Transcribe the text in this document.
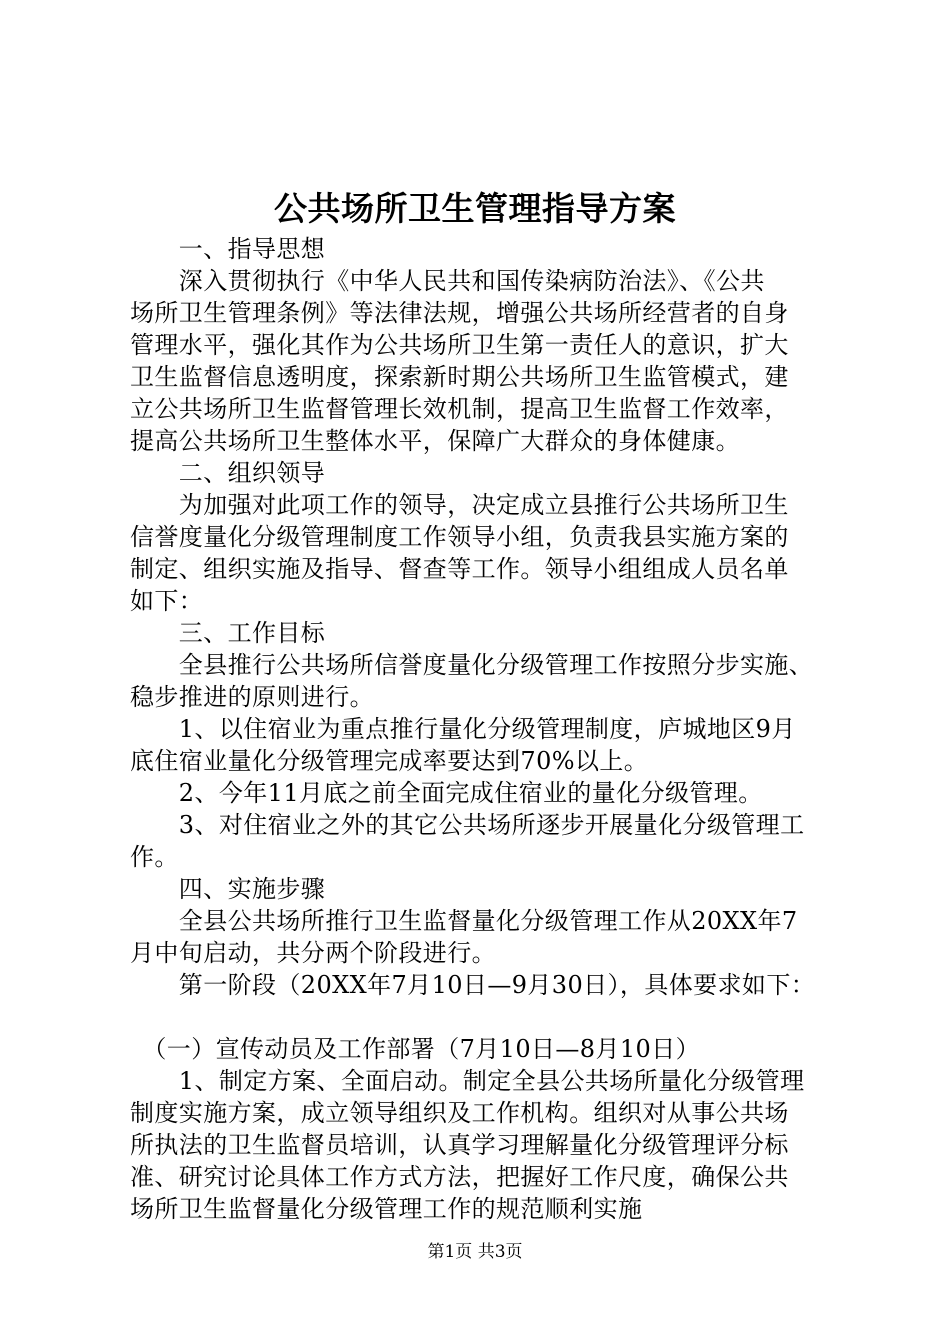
公共场所卫生管理指导方案
　　一、指导思想
　　深入贯彻执行《中华人民共和国传染病防治法》、《公共
场所卫生管理条例》等法律法规，增强公共场所经营者的自身
管理水平，强化其作为公共场所卫生第一责任人的意识，扩大
卫生监督信息透明度，探索新时期公共场所卫生监管模式，建
立公共场所卫生监督管理长效机制，提高卫生监督工作效率，
提高公共场所卫生整体水平，保障广大群众的身体健康。
　　二、组织领导
　　为加强对此项工作的领导，决定成立县推行公共场所卫生
信誉度量化分级管理制度工作领导小组，负责我县实施方案的
制定、组织实施及指导、督查等工作。领导小组组成人员名单
如下：
　　三、工作目标
　　全县推行公共场所信誉度量化分级管理工作按照分步实施、
稳步推进的原则进行。
　　1、以住宿业为重点推行量化分级管理制度，庐城地区9月
底住宿业量化分级管理完成率要达到70%以上。
　　2、今年11月底之前全面完成住宿业的量化分级管理。
　　3、对住宿业之外的其它公共场所逐步开展量化分级管理工
作。
　　四、实施步骤
　　全县公共场所推行卫生监督量化分级管理工作从20XX年7
月中旬启动，共分两个阶段进行。
　　第一阶段（20XX年7月10日—9月30日），具体要求如下：
　（一）宣传动员及工作部署（7月10日—8月10日）
　　1、制定方案、全面启动。制定全县公共场所量化分级管理
制度实施方案，成立领导组织及工作机构。组织对从事公共场
所执法的卫生监督员培训，认真学习理解量化分级管理评分标
准、研究讨论具体工作方式方法，把握好工作尺度，确保公共
场所卫生监督量化分级管理工作的规范顺利实施
第1页 共3页
